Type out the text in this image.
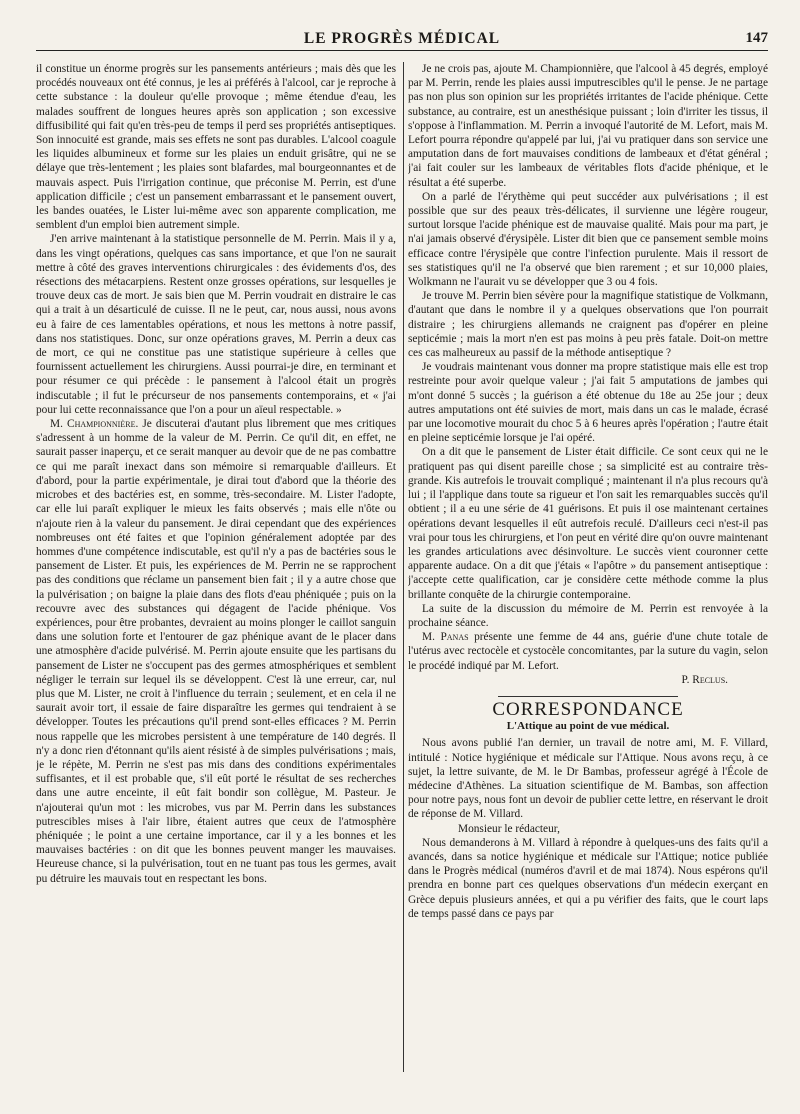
LE PROGRÈS MÉDICAL	147

il constitue un énorme progrès sur les pansements antérieurs ; mais dès que les procédés nouveaux ont été connus, je les ai préférés à l'alcool, car je reproche à cette substance : la douleur qu'elle provoque ; même étendue d'eau, les malades souffrent de longues heures après son application ; son excessive diffusibilité qui fait qu'en très-peu de temps il perd ses propriétés antiseptiques. Son innocuité est grande, mais ses effets ne sont pas durables. L'alcool coagule les liquides albumineux et forme sur les plaies un enduit grisâtre, qui ne se délaye que très-lentement ; les plaies sont blafardes, mal bourgeonnantes et de mauvais aspect. Puis l'irrigation continue, que préconise M. Perrin, est d'une application difficile ; c'est un pansement embarrassant et le pansement ouvert, les bandes ouatées, le Lister lui-même avec son apparente complication, me semblent d'un emploi bien autrement simple.

J'en arrive maintenant à la statistique personnelle de M. Perrin. Mais il y a, dans les vingt opérations, quelques cas sans importance, et que l'on ne saurait mettre à côté des graves interventions chirurgicales : des évidements d'os, des résections des métacarpiens. Restent onze grosses opérations, sur lesquelles je trouve deux cas de mort. Je sais bien que M. Perrin voudrait en distraire le cas qui a trait à un désarticulé de cuisse. Il ne le peut, car, nous aussi, nous avons eu à faire de ces lamentables opérations, et nous les mettons à notre passif, dans nos statistiques. Donc, sur onze opérations graves, M. Perrin a deux cas de mort, ce qui ne constitue pas une statistique supérieure à celles que fournissent actuellement les chirurgiens. Aussi pourrai-je dire, en terminant et pour résumer ce qui précède : le pansement à l'alcool était un progrès indiscutable ; il fut le précurseur de nos pansements contemporains, et « j'ai pour lui cette reconnaissance que l'on a pour un aïeul respectable. »

M. Championnière. Je discuterai d'autant plus librement que mes critiques s'adressent à un homme de la valeur de M. Perrin. Ce qu'il dit, en effet, ne saurait passer inaperçu, et ce serait manquer au devoir que de ne pas combattre ce qui me paraît inexact dans son mémoire si remarquable d'ailleurs. Et d'abord, pour la partie expérimentale, je dirai tout d'abord que la théorie des microbes et des bactéries est, en somme, très-secondaire. M. Lister l'adopte, car elle lui paraît expliquer le mieux les faits observés ; mais elle n'ôte ou n'ajoute rien à la valeur du pansement. Je dirai cependant que des expériences nombreuses ont été faites et que l'opinion généralement adoptée par des hommes d'une compétence indiscutable, est qu'il n'y a pas de bactéries sous le pansement de Lister. Et puis, les expériences de M. Perrin ne se rapprochent pas des conditions que réclame un pansement bien fait ; il y a autre chose que la pulvérisation ; on baigne la plaie dans des flots d'eau phéniquée ; puis on la recouvre avec des substances qui dégagent de l'acide phénique. Vos expériences, pour être probantes, devraient au moins plonger le caillot sanguin dans une solution forte et l'entourer de gaz phénique avant de le placer dans une atmosphère d'acide pulvérisé. M. Perrin ajoute ensuite que les partisans du pansement de Lister ne s'occupent pas des germes atmosphériques et semblent négliger le terrain sur lequel ils se développent. C'est là une erreur, car, nul plus que M. Lister, ne croit à l'influence du terrain ; seulement, et en cela il ne saurait avoir tort, il essaie de faire disparaître les germes qui tendraient à se développer. Toutes les précautions qu'il prend sont-elles efficaces ? M. Perrin nous rappelle que les microbes persistent à une température de 140 degrés. Il n'y a donc rien d'étonnant qu'ils aient résisté à de simples pulvérisations ; mais, je le répète, M. Perrin ne s'est pas mis dans des conditions expérimentales suffisantes, et il est probable que, s'il eût porté le résultat de ses recherches dans une autre enceinte, il eût fait bondir son collègue, M. Pasteur. Je n'ajouterai qu'un mot : les microbes, vus par M. Perrin dans les substances putrescibles mises à l'air libre, étaient autres que ceux de l'atmosphère phéniquée ; le point a une certaine importance, car il y a les bonnes et les mauvaises bactéries : on dit que les bonnes peuvent manger les mauvaises. Heureuse chance, si la pulvérisation, tout en ne tuant pas tous les germes, avait pu détruire les mauvais tout en respectant les bons.

Je ne crois pas, ajoute M. Championnière, que l'alcool à 45 degrés, employé par M. Perrin, rende les plaies aussi imputrescibles qu'il le pense. Je ne partage pas non plus son opinion sur les propriétés irritantes de l'acide phénique. Cette substance, au contraire, est un anesthésique puissant ; loin d'irriter les tissus, il s'oppose à l'inflammation. M. Perrin a invoqué l'autorité de M. Lefort, mais M. Lefort pourra répondre qu'appelé par lui, j'ai vu pratiquer dans son service une amputation dans de fort mauvaises conditions de lambeaux et d'état général ; j'ai fait couler sur les lambeaux de véritables flots d'acide phénique, et le résultat a été superbe.

On a parlé de l'érythème qui peut succéder aux pulvérisations ; il est possible que sur des peaux très-délicates, il survienne une légère rougeur, surtout lorsque l'acide phénique est de mauvaise qualité. Mais pour ma part, je n'ai jamais observé d'érysipèle. Lister dit bien que ce pansement semble moins efficace contre l'érysipèle que contre l'infection purulente. Mais il ressort de ses statistiques qu'il ne l'a observé que bien rarement ; et sur 10,000 plaies, Wolkmann ne l'aurait vu se développer que 3 ou 4 fois.

Je trouve M. Perrin bien sévère pour la magnifique statistique de Volkmann, d'autant que dans le nombre il y a quelques observations que l'on pourrait distraire ; les chirurgiens allemands ne craignent pas d'opérer en pleine septicémie ; mais la mort n'en est pas moins à peu près fatale. Doit-on mettre ces cas malheureux au passif de la méthode antiseptique ?

Je voudrais maintenant vous donner ma propre statistique mais elle est trop restreinte pour avoir quelque valeur ; j'ai fait 5 amputations de jambes qui m'ont donné 5 succès ; la guérison a été obtenue du 18e au 25e jour ; deux autres amputations ont été suivies de mort, mais dans un cas le malade, écrasé par une locomotive mourait du choc 5 à 6 heures après l'opération ; l'autre était en pleine septicémie lorsque je l'ai opéré.

On a dit que le pansement de Lister était difficile. Ce sont ceux qui ne le pratiquent pas qui disent pareille chose ; sa simplicité est au contraire très-grande. Kis autrefois le trouvait compliqué ; maintenant il n'a plus recours qu'à lui ; il l'applique dans toute sa rigueur et l'on sait les remarquables succès qu'il obtient ; il a eu une série de 41 guérisons. Et puis il ose maintenant certaines opérations devant lesquelles il eût autrefois reculé. D'ailleurs ceci n'est-il pas vrai pour tous les chirurgiens, et l'on peut en vérité dire qu'on ouvre maintenant les grandes articulations avec désinvolture. Le succès vient couronner cette apparente audace. On a dit que j'étais « l'apôtre » du pansement antiseptique : j'accepte cette qualification, car je considère cette méthode comme la plus brillante conquête de la chirurgie contemporaine.

La suite de la discussion du mémoire de M. Perrin est renvoyée à la prochaine séance.

M. Panas présente une femme de 44 ans, guérie d'une chute totale de l'utérus avec rectocèle et cystocèle concomitantes, par la suture du vagin, selon le procédé indiqué par M. Lefort.

P. Reclus.
CORRESPONDANCE
L'Attique au point de vue médical.

Nous avons publié l'an dernier, un travail de notre ami, M. F. Villard, intitulé : Notice hygiénique et médicale sur l'Attique. Nous avons reçu, à ce sujet, la lettre suivante, de M. le Dr Bambas, professeur agrégé à l'École de médecine d'Athènes. La situation scientifique de M. Bambas, son affection pour notre pays, nous font un devoir de publier cette lettre, en réservant le droit de réponse de M. Villard.

Monsieur le rédacteur,

Nous demanderons à M. Villard à répondre à quelques-uns des faits qu'il a avancés, dans sa notice hygiénique et médicale sur l'Attique; notice publiée dans le Progrès médical (numéros d'avril et de mai 1874). Nous espérons qu'il prendra en bonne part ces quelques observations d'un médecin exerçant en Grèce depuis plusieurs années, et qui a pu vérifier des faits, que le court laps de temps passé dans ce pays par
